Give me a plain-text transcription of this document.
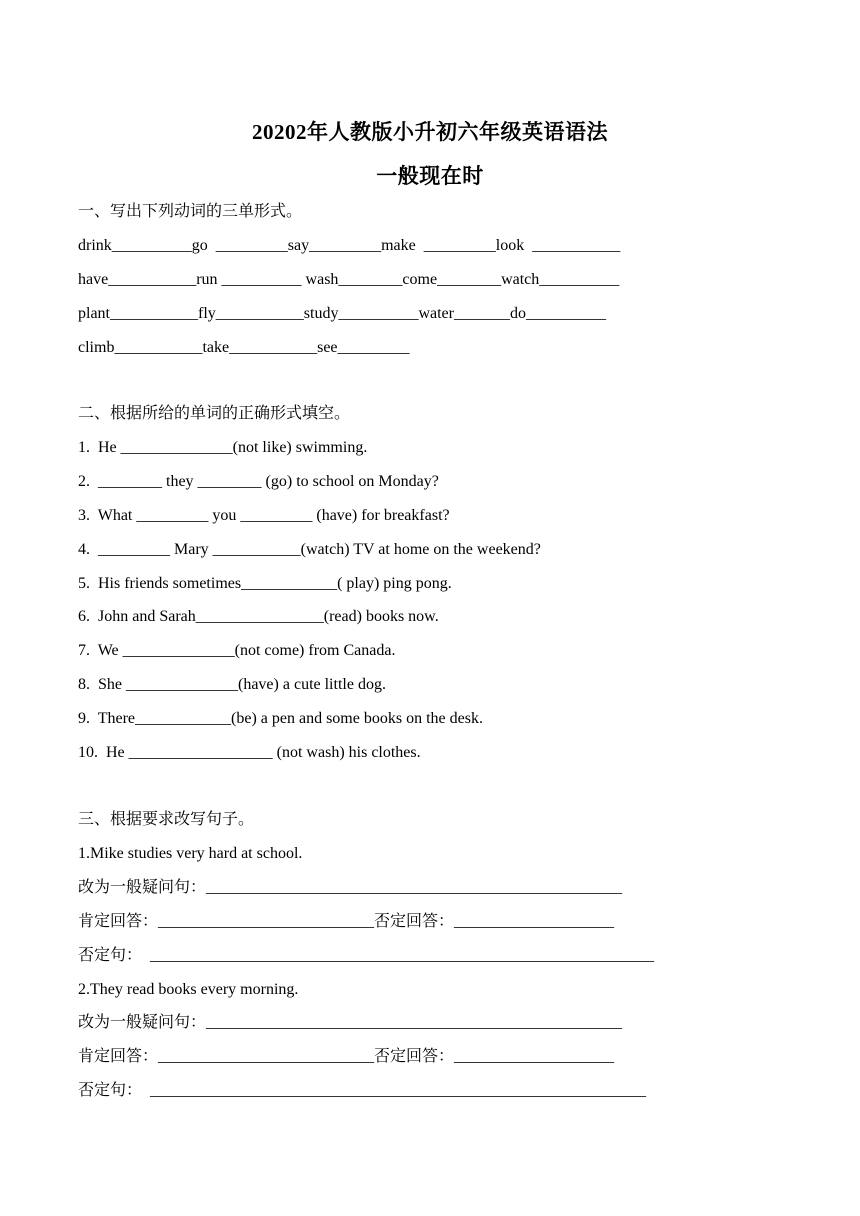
20202年人教版小升初六年级英语语法
一般现在时
一、写出下列动词的三单形式。
drink__________go  _________say_________make  _________look  ___________
have___________run __________ wash________come________watch__________
plant___________fly___________study__________water_______do__________
climb___________take___________see_________
二、根据所给的单词的正确形式填空。
1.  He ______________(not like) swimming.
2.  ________ they ________ (go) to school on Monday?
3.  What _________ you _________ (have) for breakfast?
4.  _________ Mary ___________(watch) TV at home on the weekend?
5.  His friends sometimes____________( play) ping pong.
6.  John and Sarah________________(read) books now.
7.  We ______________(not come) from Canada.
8.  She ______________(have) a cute little dog.
9.  There____________(be) a pen and some books on the desk.
10.  He __________________ (not wash) his clothes.
三、根据要求改写句子。
1.Mike studies very hard at school.
改为一般疑问句：____________________________________________________
肯定回答：___________________________否定回答：____________________
否定句：  _______________________________________________________________
2.They read books every morning.
改为一般疑问句：____________________________________________________
肯定回答：___________________________否定回答：____________________
否定句：  ______________________________________________________________
